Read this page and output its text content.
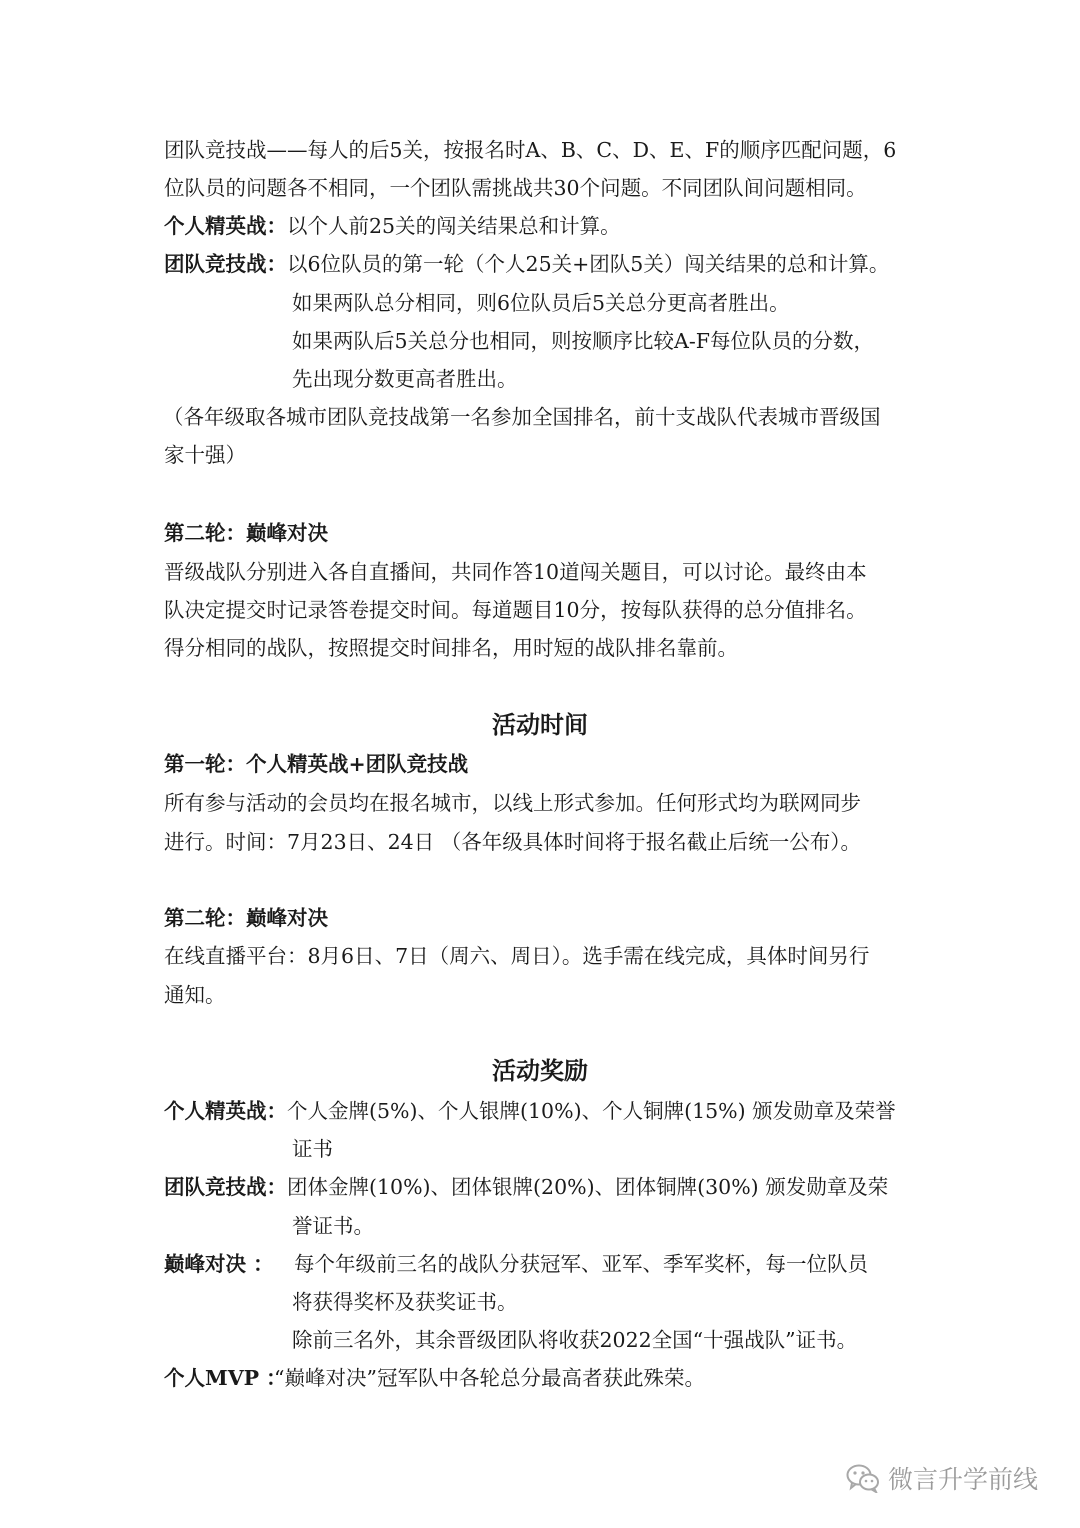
团队竞技战——每人的后5关，按报名时A、B、C、D、E、F的顺序匹配问题，6
位队员的问题各不相同，一个团队需挑战共30个问题。不同团队间问题相同。
个人精英战：以个人前25关的闯关结果总和计算。
团队竞技战：以6位队员的第一轮（个人25关+团队5关）闯关结果的总和计算。
如果两队总分相同，则6位队员后5关总分更高者胜出。
如果两队后5关总分也相同，则按顺序比较A-F每位队员的分数，
先出现分数更高者胜出。
（各年级取各城市团队竞技战第一名参加全国排名，前十支战队代表城市晋级国
家十强）
第二轮：巅峰对决
晋级战队分别进入各自直播间，共同作答10道闯关题目，可以讨论。最终由本
队决定提交时记录答卷提交时间。每道题目10分，按每队获得的总分值排名。
得分相同的战队，按照提交时间排名，用时短的战队排名靠前。
活动时间
第一轮：个人精英战+团队竞技战
所有参与活动的会员均在报名城市，以线上形式参加。任何形式均为联网同步
进行。时间：7月23日、24日 （各年级具体时间将于报名截止后统一公布）。
第二轮：巅峰对决
在线直播平台：8月6日、7日（周六、周日）。选手需在线完成，具体时间另行
通知。
活动奖励
个人精英战：个人金牌(5%)、个人银牌(10%)、个人铜牌(15%) 颁发勋章及荣誉
证书
团队竞技战：团体金牌(10%)、团体银牌(20%)、团体铜牌(30%) 颁发勋章及荣
誉证书。
巅峰对决 ： 每个年级前三名的战队分获冠军、亚军、季军奖杯，每一位队员
将获得奖杯及获奖证书。
除前三名外，其余晋级团队将收获2022全国“十强战队”证书。
个人MVP ：“巅峰对决”冠军队中各轮总分最高者获此殊荣。
微言升学前线
